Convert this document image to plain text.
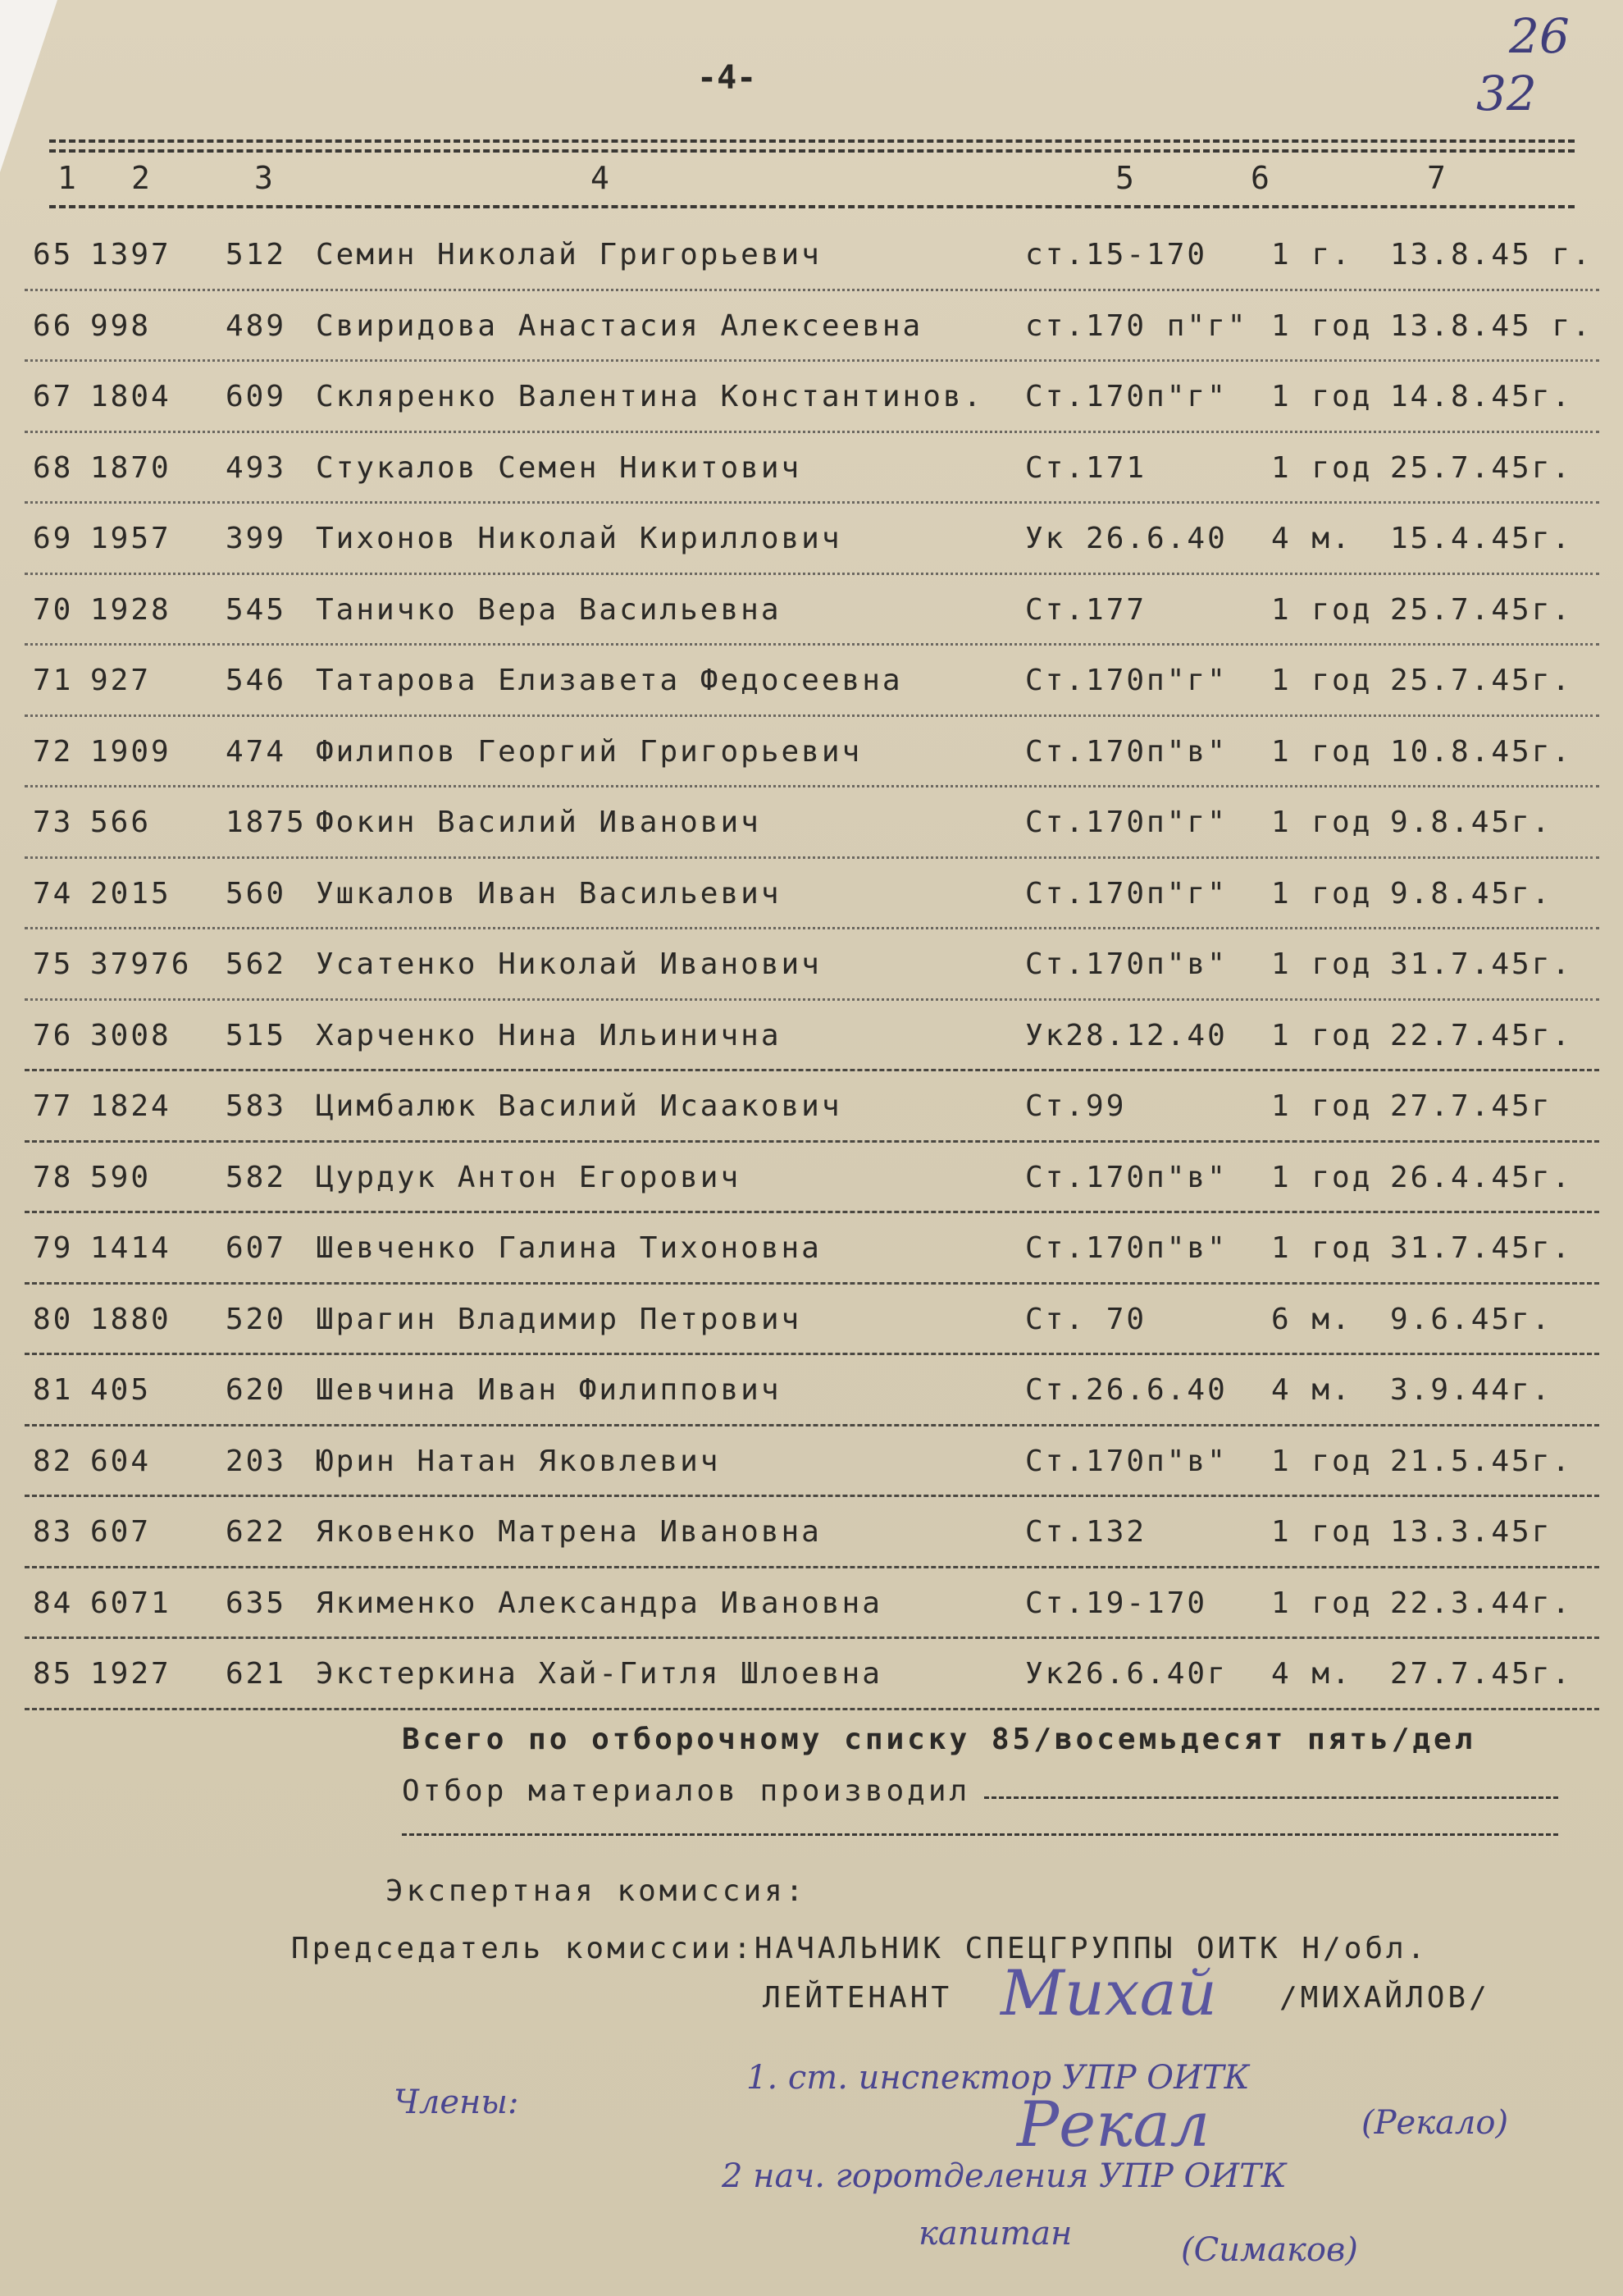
-4-
26
32
1 2	3	4	5	6	7
65 1397 512 Семин Николай Григорьевич	ст.15-170 1 г. 13.8.45 г.
66 998	489 Свиридова Анастасия Алексеевна	ст.170 п"г" 1 год 13.8.45 г.
67 1804 609 Скляренко Валентина Константинов. Ст.170п"г" 1 год 14.8.45г.
68 1870 493 Стукалов Семен Никитович	Ст.171	1 год 25.7.45г.
69 1957 399 Тихонов Николай Кириллович	Ук 26.6.40 4 м. 15.4.45г.
70 1928 545 Таничко Вера Васильевна	Ст.177	1 год 25.7.45г.
71 927	546 Татарова Елизавета Федосеевна	Ст.170п"г" 1 год 25.7.45г.
72 1909 474 Филипов Георгий Григорьевич	Ст.170п"в" 1 год 10.8.45г.
73 566	1875 Фокин Василий Иванович	Ст.170п"г" 1 год 9.8.45г.
74 2015 560 Ушкалов Иван Васильевич	Ст.170п"г" 1 год 9.8.45г.
75 37976 562 Усатенко Николай Иванович	Ст.170п"в" 1 год 31.7.45г.
76 3008 515 Харченко Нина Ильинична	Ук28.12.40 1 год 22.7.45г.
77 1824 583 Цимбалюк Василий Исаакович	Ст.99	1 год 27.7.45г
78 590	582 Цурдук Антон Егорович	Ст.170п"в" 1 год 26.4.45г.
79 1414 607 Шевченко Галина Тихоновна	Ст.170п"в" 1 год 31.7.45г.
80 1880 520 Шрагин Владимир Петрович	Ст. 70	6 м. 9.6.45г.
81 405	620 Шевчина Иван Филиппович	Ст.26.6.40 4 м. 3.9.44г.
82 604	203 Юрин Натан Яковлевич	Ст.170п"в" 1 год 21.5.45г.
83 607	622 Яковенко Матрена Ивановна	Ст.132	1 год 13.3.45г
84 6071 635 Якименко Александра Ивановна	Ст.19-170 1 год 22.3.44г.
85 1927 621 Экстеркина Хай-Гитля Шлоевна	Ук26.6.40г 4 м. 27.7.45г.
Всего по отборочному списку 85/восемьдесят пять/дел
Отбор материалов производил
Экспертная комиссия:
Председатель комиссии:НАЧАЛЬНИК СПЕЦГРУППЫ ОИТК Н/обл.
ЛЕЙТЕНАНТ Михай /МИХАЙЛОВ/
Члены:
1. ст. инспектор УПР ОИТК
Рекал	(Рекало)
2 нач. горотделения УПР ОИТК
капитан	(Симаков)
